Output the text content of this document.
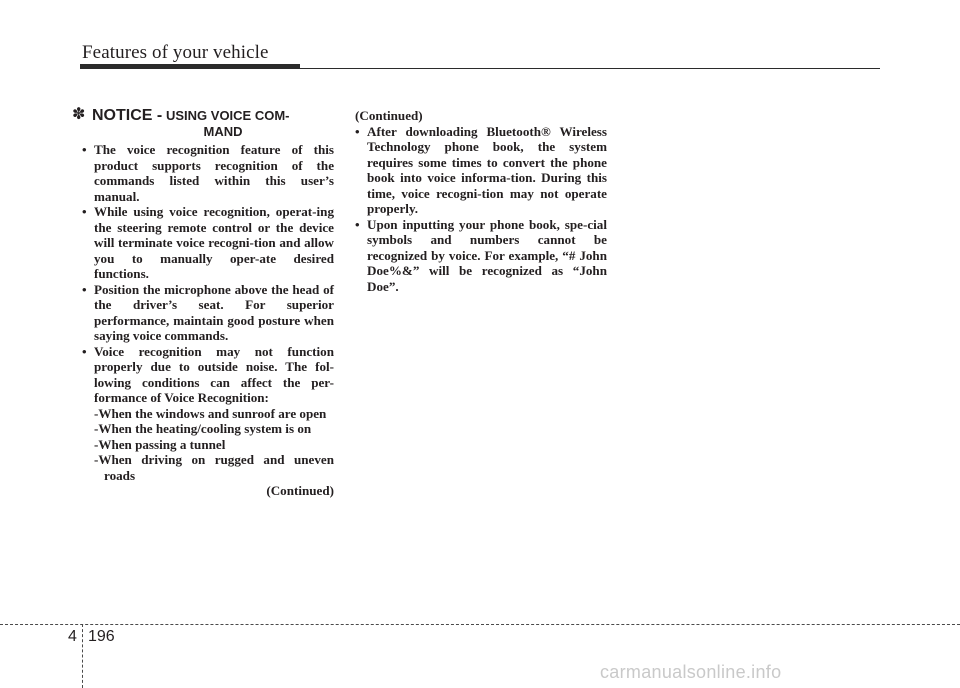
Features of your vehicle
✽ NOTICE - USING VOICE COM-
MAND
• The voice recognition feature of this product supports recognition of the commands listed within this user’s manual.
• While using voice recognition, operat-ing the steering remote control or the device will terminate voice recogni-tion and allow you to manually oper-ate desired functions.
• Position the microphone above the head of the driver’s seat. For superior performance, maintain good posture when saying voice commands.
• Voice recognition may not function properly due to outside noise. The fol-lowing conditions can affect the per-formance of Voice Recognition:
-When the windows and sunroof are open
-When the heating/cooling system is on
-When passing a tunnel
-When driving on rugged and uneven roads
(Continued)
(Continued)
• After downloading Bluetooth® Wireless Technology phone book, the system requires some times to convert the phone book into voice informa-tion. During this time, voice recogni-tion may not operate properly.
• Upon inputting your phone book, spe-cial symbols and numbers cannot be recognized by voice. For example, “# John Doe%&” will be recognized as “John Doe”.
4 196
carmanualsonline.info
